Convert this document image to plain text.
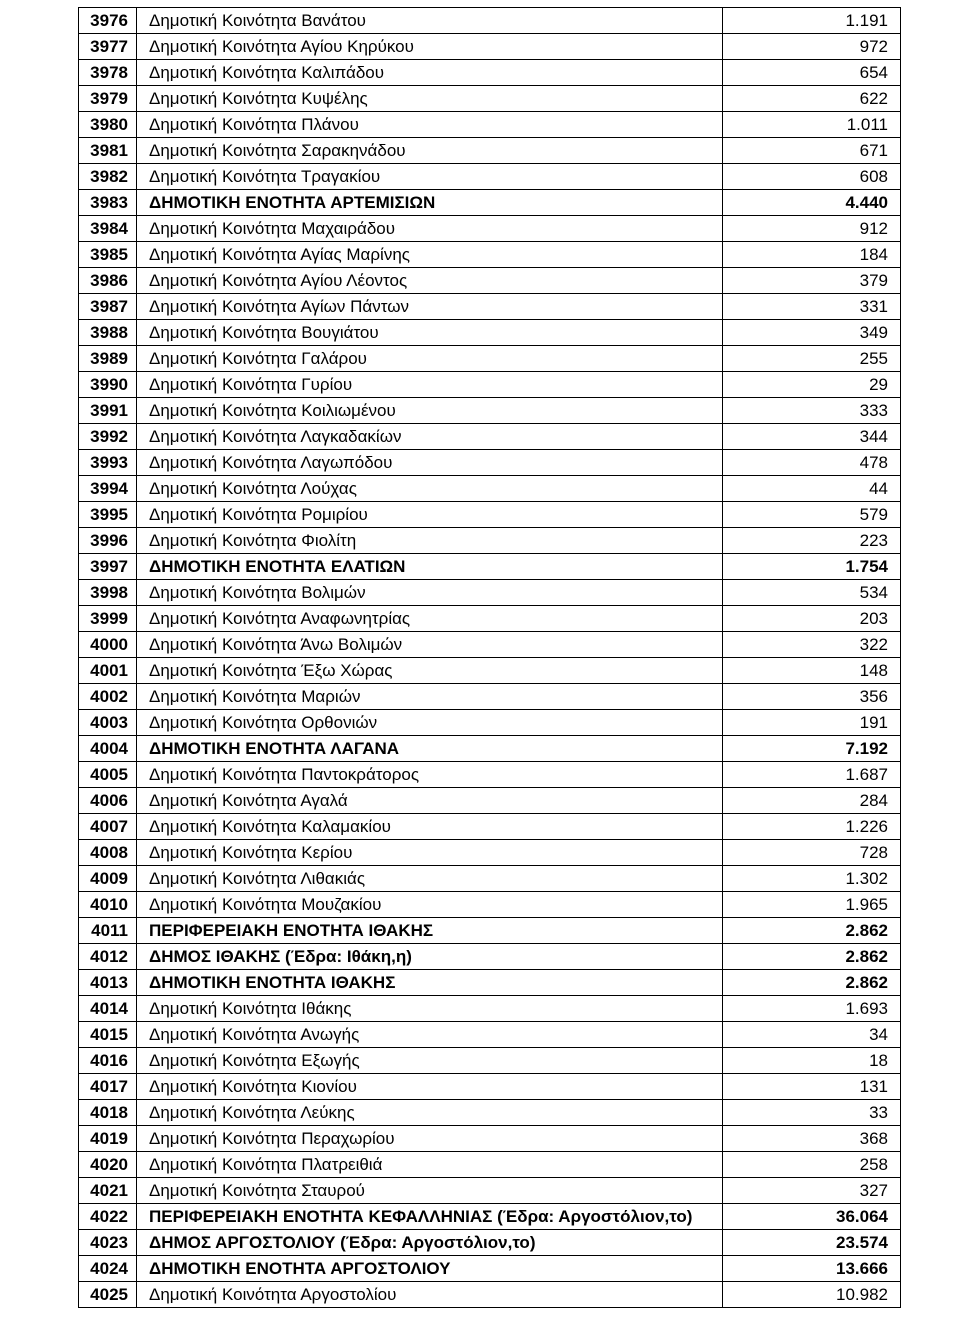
3976	Δημοτική Κοινότητα Βανάτου	1.191
3977	Δημοτική Κοινότητα Αγίου Κηρύκου	972
3978	Δημοτική Κοινότητα Καλιπάδου	654
3979	Δημοτική Κοινότητα Κυψέλης	622
3980	Δημοτική Κοινότητα Πλάνου	1.011
3981	Δημοτική Κοινότητα Σαρακηνάδου	671
3982	Δημοτική Κοινότητα Τραγακίου	608
3983	ΔΗΜΟΤΙΚΗ ΕΝΟΤΗΤΑ ΑΡΤΕΜΙΣΙΩΝ	4.440
3984	Δημοτική Κοινότητα Μαχαιράδου	912
3985	Δημοτική Κοινότητα Αγίας Μαρίνης	184
3986	Δημοτική Κοινότητα Αγίου Λέοντος	379
3987	Δημοτική Κοινότητα Αγίων Πάντων	331
3988	Δημοτική Κοινότητα Βουγιάτου	349
3989	Δημοτική Κοινότητα Γαλάρου	255
3990	Δημοτική Κοινότητα Γυρίου	29
3991	Δημοτική Κοινότητα Κοιλιωμένου	333
3992	Δημοτική Κοινότητα Λαγκαδακίων	344
3993	Δημοτική Κοινότητα Λαγωπόδου	478
3994	Δημοτική Κοινότητα Λούχας	44
3995	Δημοτική Κοινότητα Ρομιρίου	579
3996	Δημοτική Κοινότητα Φιολίτη	223
3997	ΔΗΜΟΤΙΚΗ ΕΝΟΤΗΤΑ ΕΛΑΤΙΩΝ	1.754
3998	Δημοτική Κοινότητα Βολιμών	534
3999	Δημοτική Κοινότητα Αναφωνητρίας	203
4000	Δημοτική Κοινότητα Άνω Βολιμών	322
4001	Δημοτική Κοινότητα Έξω Χώρας	148
4002	Δημοτική Κοινότητα Μαριών	356
4003	Δημοτική Κοινότητα Ορθονιών	191
4004	ΔΗΜΟΤΙΚΗ ΕΝΟΤΗΤΑ ΛΑΓΑΝΑ	7.192
4005	Δημοτική Κοινότητα Παντοκράτορος	1.687
4006	Δημοτική Κοινότητα Αγαλά	284
4007	Δημοτική Κοινότητα Καλαμακίου	1.226
4008	Δημοτική Κοινότητα Κερίου	728
4009	Δημοτική Κοινότητα Λιθακιάς	1.302
4010	Δημοτική Κοινότητα Μουζακίου	1.965
4011	ΠΕΡΙΦΕΡΕΙΑΚΗ ΕΝΟΤΗΤΑ ΙΘΑΚΗΣ	2.862
4012	ΔΗΜΟΣ ΙΘΑΚΗΣ (Έδρα: Ιθάκη,η)	2.862
4013	ΔΗΜΟΤΙΚΗ ΕΝΟΤΗΤΑ ΙΘΑΚΗΣ	2.862
4014	Δημοτική Κοινότητα Ιθάκης	1.693
4015	Δημοτική Κοινότητα Ανωγής	34
4016	Δημοτική Κοινότητα Εξωγής	18
4017	Δημοτική Κοινότητα Κιονίου	131
4018	Δημοτική Κοινότητα Λεύκης	33
4019	Δημοτική Κοινότητα Περαχωρίου	368
4020	Δημοτική Κοινότητα Πλατρειθιά	258
4021	Δημοτική Κοινότητα Σταυρού	327
4022	ΠΕΡΙΦΕΡΕΙΑΚΗ ΕΝΟΤΗΤΑ ΚΕΦΑΛΛΗΝΙΑΣ (Έδρα: Αργοστόλιον,το)	36.064
4023	ΔΗΜΟΣ ΑΡΓΟΣΤΟΛΙΟΥ (Έδρα: Αργοστόλιον,το)	23.574
4024	ΔΗΜΟΤΙΚΗ ΕΝΟΤΗΤΑ ΑΡΓΟΣΤΟΛΙΟΥ	13.666
4025	Δημοτική Κοινότητα Αργοστολίου	10.982
